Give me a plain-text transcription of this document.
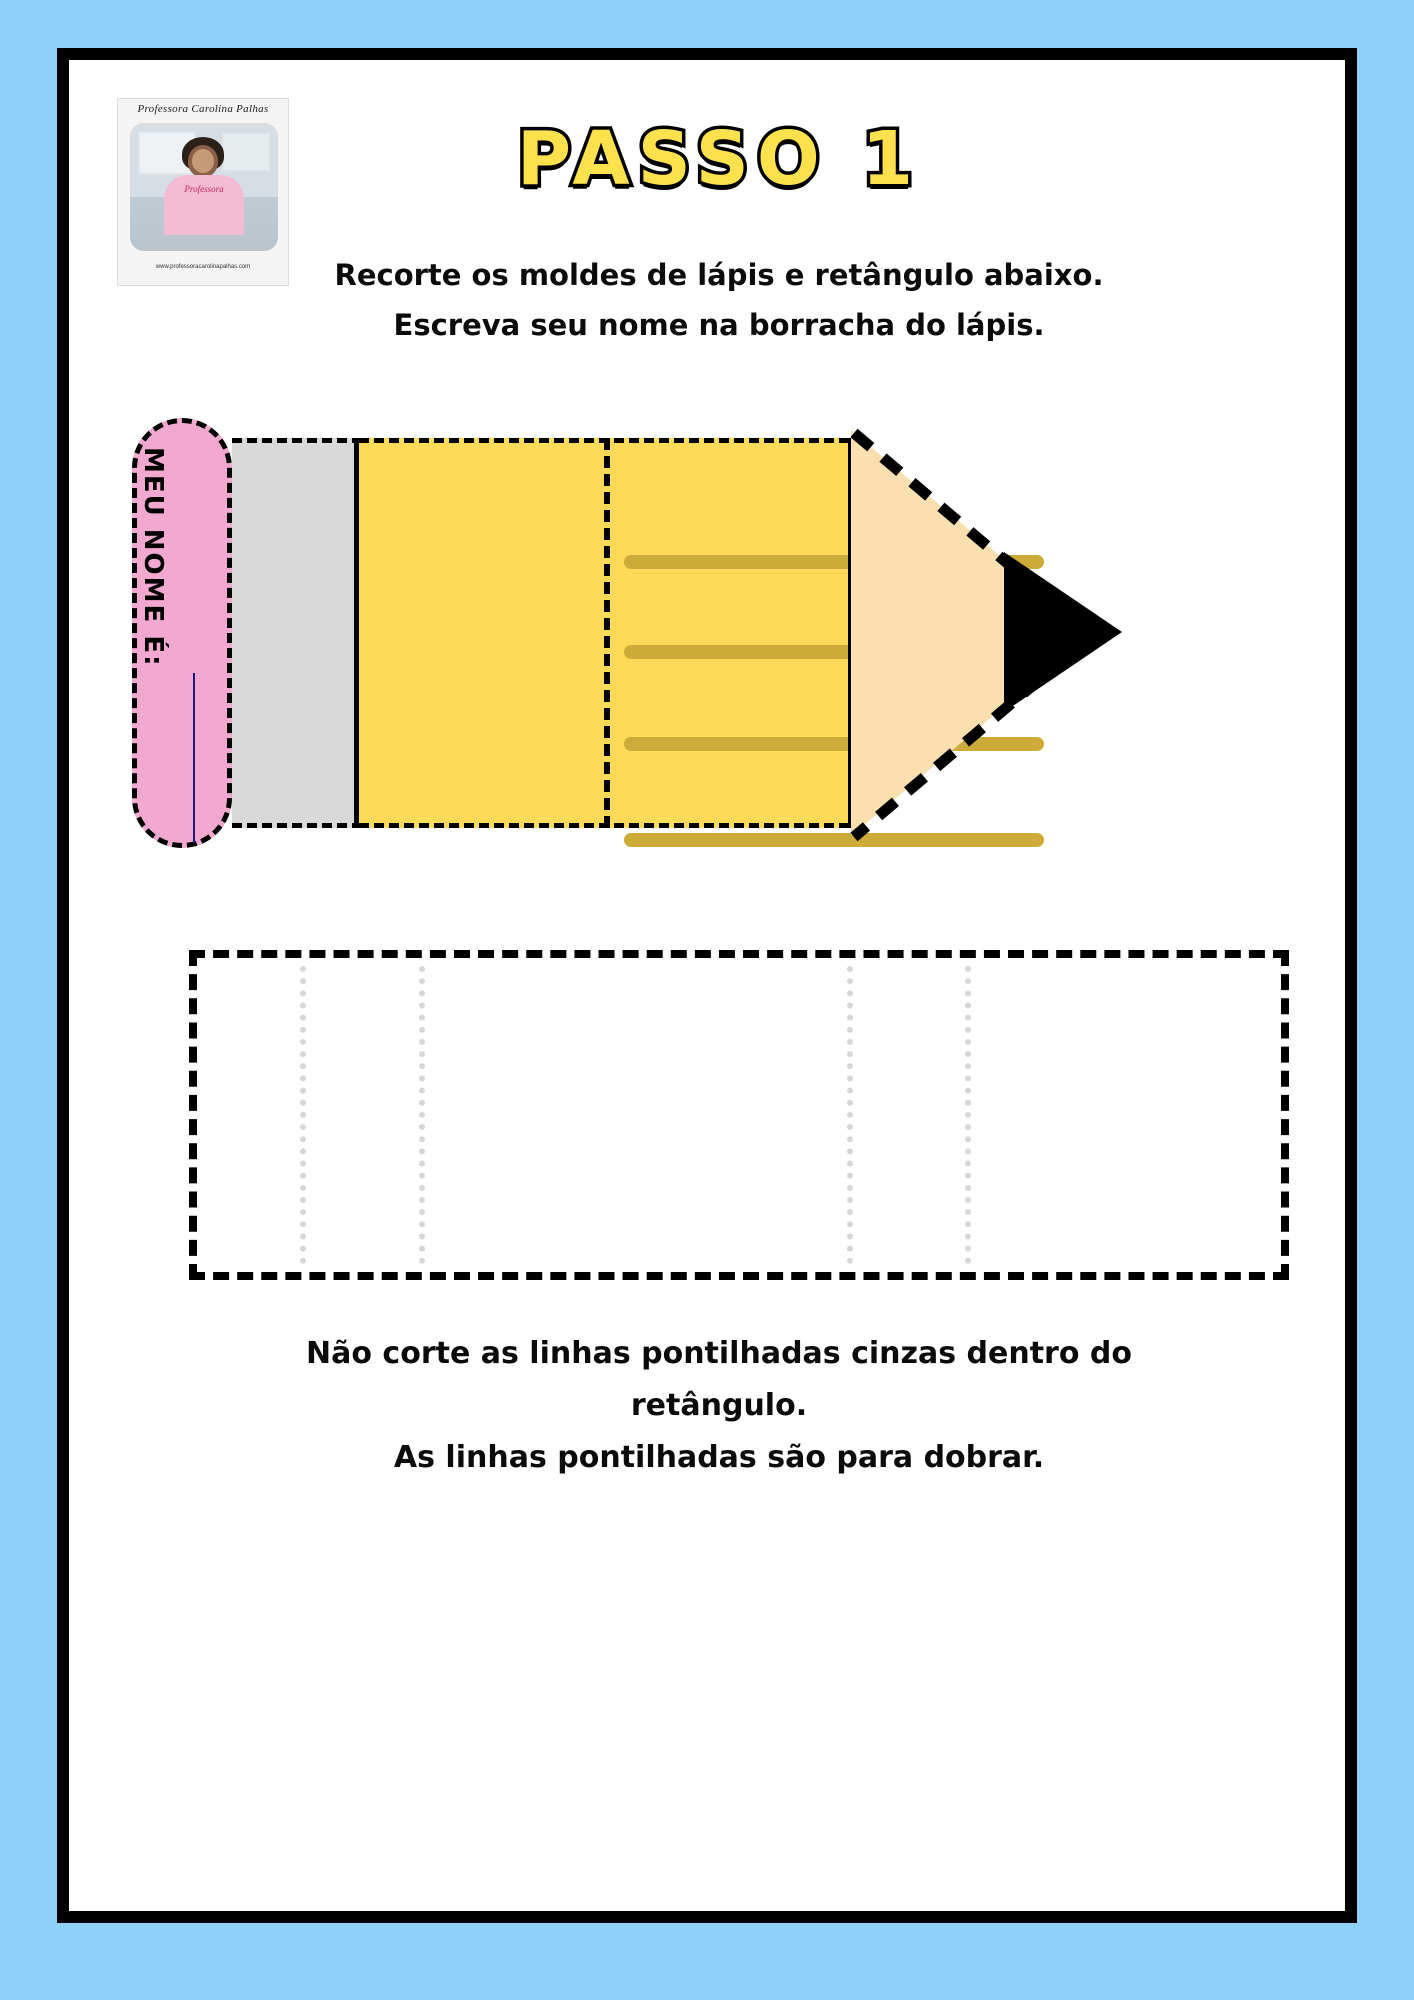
Professora Carolina Palhas
Professora
www.professoracarolinapalhas.com
PASSO 1
Recorte os moldes de lápis e retângulo abaixo.
Escreva seu nome na borracha do lápis.
MEU NOME É:
Não corte as linhas pontilhadas cinzas dentro do
retângulo.
As linhas pontilhadas são para dobrar.
